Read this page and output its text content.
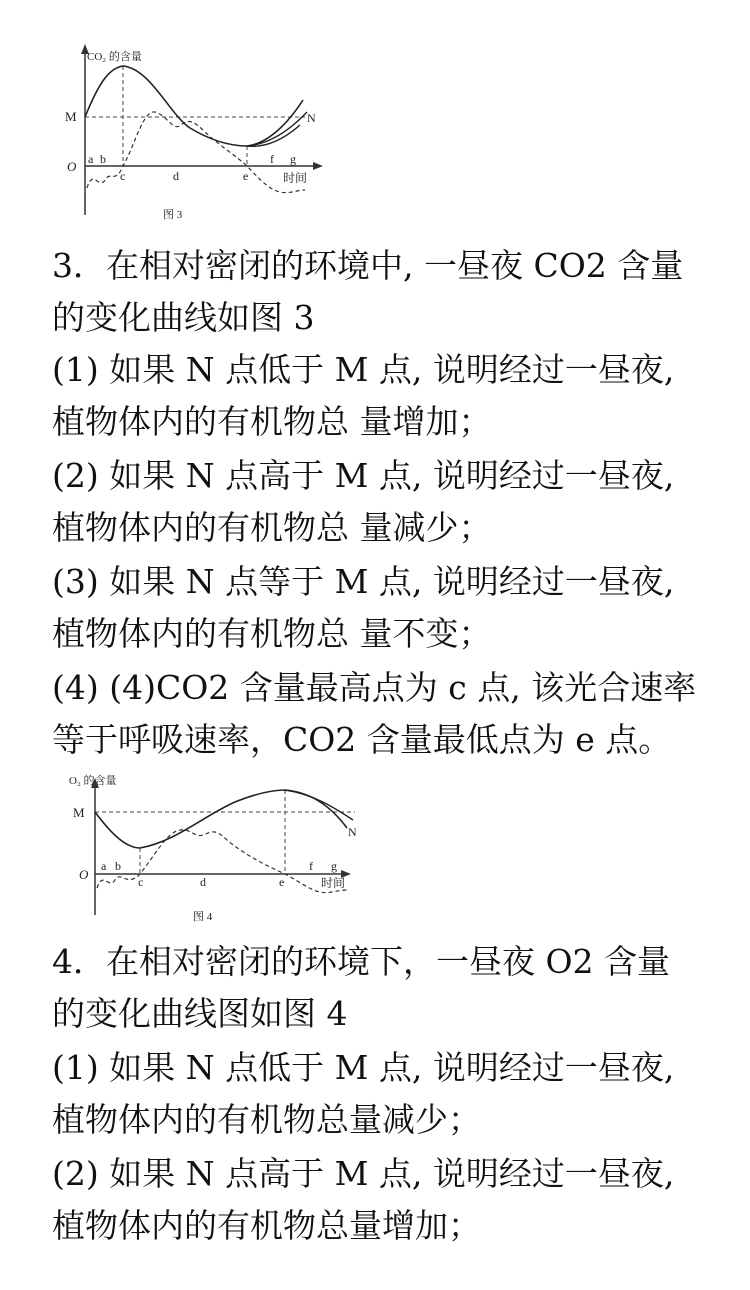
CO₂ 的含量
M
O a b
c	d	e
f g
N
时间
图 3
3．在相对密闭的环境中, 一昼夜 CO2 含量
的变化曲线如图 3
(1) 如果 N 点低于 M 点, 说明经过一昼夜,
植物体内的有机物总 量增加；
(2) 如果 N 点高于 M 点, 说明经过一昼夜,
植物体内的有机物总 量减少；
(3) 如果 N 点等于 M 点, 说明经过一昼夜,
植物体内的有机物总 量不变；
(4) (4)CO2 含量最高点为 c 点, 该光合速率
等于呼吸速率，CO2 含量最低点为 e 点。
O₂ 的含量
M
O
a b
c	d	e
f g
N
时间
图 4
4．在相对密闭的环境下，一昼夜 O2 含量
的变化曲线图如图 4
(1) 如果 N 点低于 M 点, 说明经过一昼夜,
植物体内的有机物总量减少；
(2) 如果 N 点高于 M 点, 说明经过一昼夜,
植物体内的有机物总量增加；
